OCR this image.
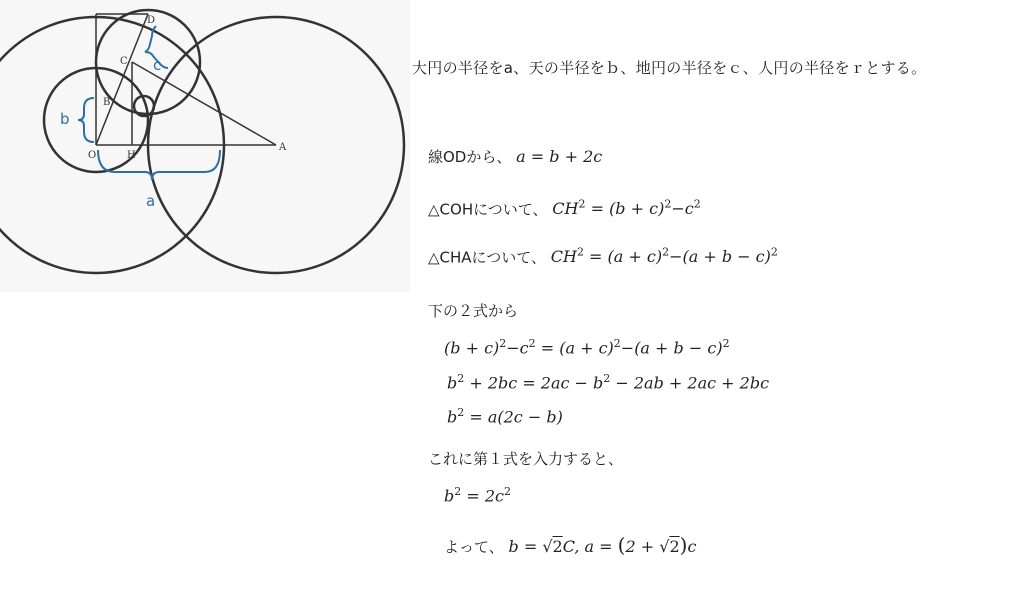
O	H
A
B
C
D
a
b
c	大円の半径をa、天の半径をｂ、地円の半径をｃ、人円の半径をｒとする。
線ODから、 a = b + 2c
△COHについて、 $CH^2 = (b + c)^2-c^2$
△CHAについて、 $CH^2 = (a + c)^2-(a + b - c)^2$
下の２式から
$(b + c)^2-c^2 = (a + c)^2-(a + b - c)^2$
$b^2 + 2bc = 2ac - b^2 - 2ab + 2ac + 2bc$
$b^2 = a(2c - b)$
これに第１式を入力すると、
$b^2 = 2c^2$
よって、 b = √2C, a = (2 + √2)c
